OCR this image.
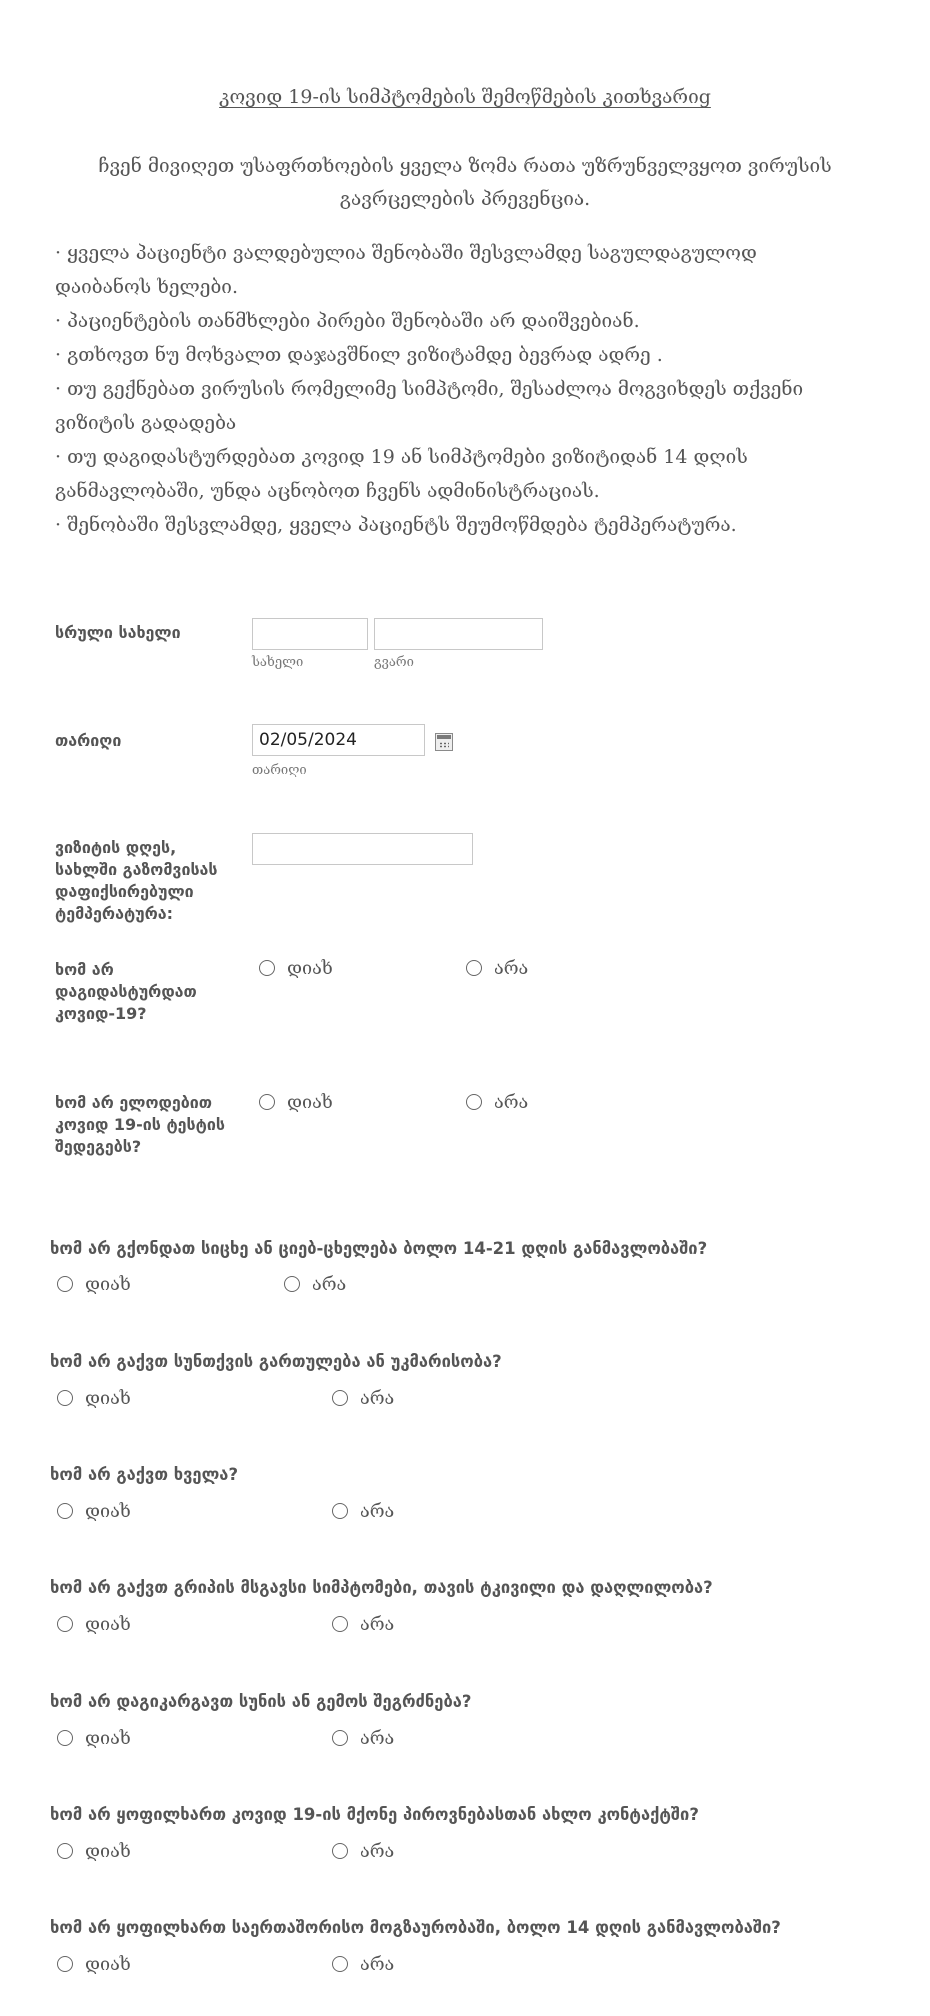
კოვიდ 19-ის სიმპტომების შემოწმების კითხვარიg

ჩვენ მივიღეთ უსაფრთხოების ყველა ზომა რათა უზრუნველვყოთ ვირუსის გავრცელების პრევენცია.

· ყველა პაციენტი ვალდებულია შენობაში შესვლამდე საგულდაგულოდ დაიბანოს ხელები.
· პაციენტების თანმხლები პირები შენობაში არ დაიშვებიან.
· გთხოვთ ნუ მოხვალთ დაჯავშნილ ვიზიტამდე ბევრად ადრე .
· თუ გექნებათ ვირუსის რომელიმე სიმპტომი, შესაძლოა მოგვიხდეს თქვენი ვიზიტის გადადება
· თუ დაგიდასტურდებათ კოვიდ 19 ან სიმპტომები ვიზიტიდან 14 დღის განმავლობაში, უნდა აცნობოთ ჩვენს ადმინისტრაციას.
· შენობაში შესვლამდე, ყველა პაციენტს შეუმოწმდება ტემპერატურა.
სრული სახელი
სახელი	გვარი
თარიღი
02/05/2024
თარიღი
ვიზიტის დღეს, სახლში გაზომვისას დაფიქსირებული ტემპერატურა:
ხომ არ დაგიდასტურდათ კოვიდ-19?
დიახ	არა
ხომ არ ელოდებით კოვიდ 19-ის ტესტის შედეგებს?
დიახ	არა
ხომ არ გქონდათ სიცხე ან ციებ-ცხელება ბოლო 14-21 დღის განმავლობაში?
დიახ	არა
ხომ არ გაქვთ სუნთქვის გართულება ან უკმარისობა?
დიახ	არა
ხომ არ გაქვთ ხველა?
დიახ	არა
ხომ არ გაქვთ გრიპის მსგავსი სიმპტომები, თავის ტკივილი და დაღლილობა?
დიახ	არა
ხომ არ დაგიკარგავთ სუნის ან გემოს შეგრძნება?
დიახ	არა
ხომ არ ყოფილხართ კოვიდ 19-ის მქონე პიროვნებასთან ახლო კონტაქტში?
დიახ	არა
ხომ არ ყოფილხართ საერთაშორისო მოგზაურობაში, ბოლო 14 დღის განმავლობაში?
დიახ	არა
